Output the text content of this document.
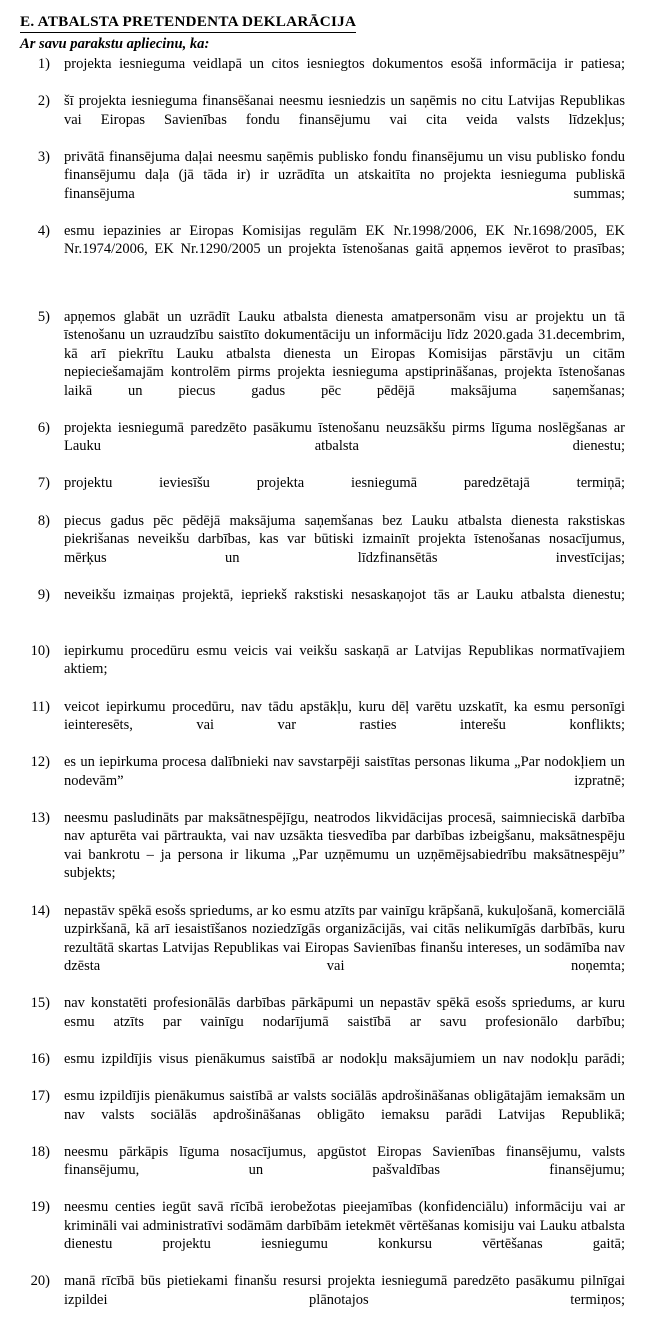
E. ATBALSTA PRETENDENTA DEKLARĀCIJA

Ar savu parakstu apliecinu, ka:

1) projekta iesnieguma veidlapā un citos iesniegtos dokumentos esošā informācija ir patiesa;
2) šī projekta iesnieguma finansēšanai neesmu iesniedzis un saņēmis no citu Latvijas Republikas vai Eiropas Savienības fondu finansējumu vai cita veida valsts līdzekļus;
3) privātā finansējuma daļai neesmu saņēmis publisko fondu finansējumu un visu publisko fondu finansējumu daļa (jā tāda ir) ir uzrādīta un atskaitīta no projekta iesnieguma publiskā finansējuma summas;
4) esmu iepazinies ar Eiropas Komisijas regulām EK Nr.1998/2006, EK Nr.1698/2005, EK Nr.1974/2006, EK Nr.1290/2005 un projekta īstenošanas gaitā apņemos ievērot to prasības;
5) apņemos glabāt un uzrādīt Lauku atbalsta dienesta amatpersonām visu ar projektu un tā īstenošanu un uzraudzību saistīto dokumentāciju un informāciju līdz 2020.gada 31.decembrim, kā arī piekrītu Lauku atbalsta dienesta un Eiropas Komisijas pārstāvju un citām nepieciešamajām kontrolēm pirms projekta iesnieguma apstiprināšanas, projekta īstenošanas laikā un piecus gadus pēc pēdējā maksājuma saņemšanas;
6) projekta iesniegumā paredzēto pasākumu īstenošanu neuzsākšu pirms līguma noslēgšanas ar Lauku atbalsta dienestu;
7) projektu ieviesīšu projekta iesniegumā paredzētajā termiņā;
8) piecus gadus pēc pēdējā maksājuma saņemšanas bez Lauku atbalsta dienesta rakstiskas piekrišanas neveikšu darbības, kas var būtiski izmainīt projekta īstenošanas nosacījumus, mērķus un līdzfinansētās investīcijas;
9) neveikšu izmaiņas projektā, iepriekš rakstiski nesaskaņojot tās ar Lauku atbalsta dienestu;
10) iepirkumu procedūru esmu veicis vai veikšu saskaņā ar Latvijas Republikas normatīvajiem aktiem;
11) veicot iepirkumu procedūru, nav tādu apstākļu, kuru dēļ varētu uzskatīt, ka esmu personīgi ieinteresēts, vai var rasties interešu konflikts;
12) es un iepirkuma procesa dalībnieki nav savstarpēji saistītas personas likuma „Par nodokļiem un nodevām” izpratnē;
13) neesmu pasludināts par maksātnespējīgu, neatrodos likvidācijas procesā, saimnieciskā darbība nav apturēta vai pārtraukta, vai nav uzsākta tiesvedība par darbības izbeigšanu, maksātnespēju vai bankrotu – ja persona ir likuma „Par uzņēmumu un uzņēmējsabiedrību maksātnespēju” subjekts;
14) nepastāv spēkā esošs spriedums, ar ko esmu atzīts par vainīgu krāpšanā, kukuļošanā, komerciālā uzpirkšanā, kā arī iesaistīšanos noziedzīgās organizācijās, vai citās nelikumīgās darbībās, kuru rezultātā skartas Latvijas Republikas vai Eiropas Savienības finanšu intereses, un sodāmība nav dzēsta vai noņemta;
15) nav konstatēti profesionālās darbības pārkāpumi un nepastāv spēkā esošs spriedums, ar kuru esmu atzīts par vainīgu nodarījumā saistībā ar savu profesionālo darbību;
16) esmu izpildījis visus pienākumus saistībā ar nodokļu maksājumiem un nav nodokļu parādi;
17) esmu izpildījis pienākumus saistībā ar valsts sociālās apdrošināšanas obligātajām iemaksām un nav valsts sociālās apdrošināšanas obligāto iemaksu parādi Latvijas Republikā;
18) neesmu pārkāpis līguma nosacījumus, apgūstot Eiropas Savienības finansējumu, valsts finansējumu, un pašvaldības finansējumu;
19) neesmu centies iegūt savā rīcībā ierobežotas pieejamības (konfidenciālu) informāciju vai ar krimināli vai administratīvi sodāmām darbībām ietekmēt vērtēšanas komisiju vai Lauku atbalsta dienestu projektu iesniegumu konkursu vērtēšanas gaitā;
20) manā rīcībā būs pietiekami finanšu resursi projekta iesniegumā paredzēto pasākumu pilnīgai izpildei plānotajos termiņos;
